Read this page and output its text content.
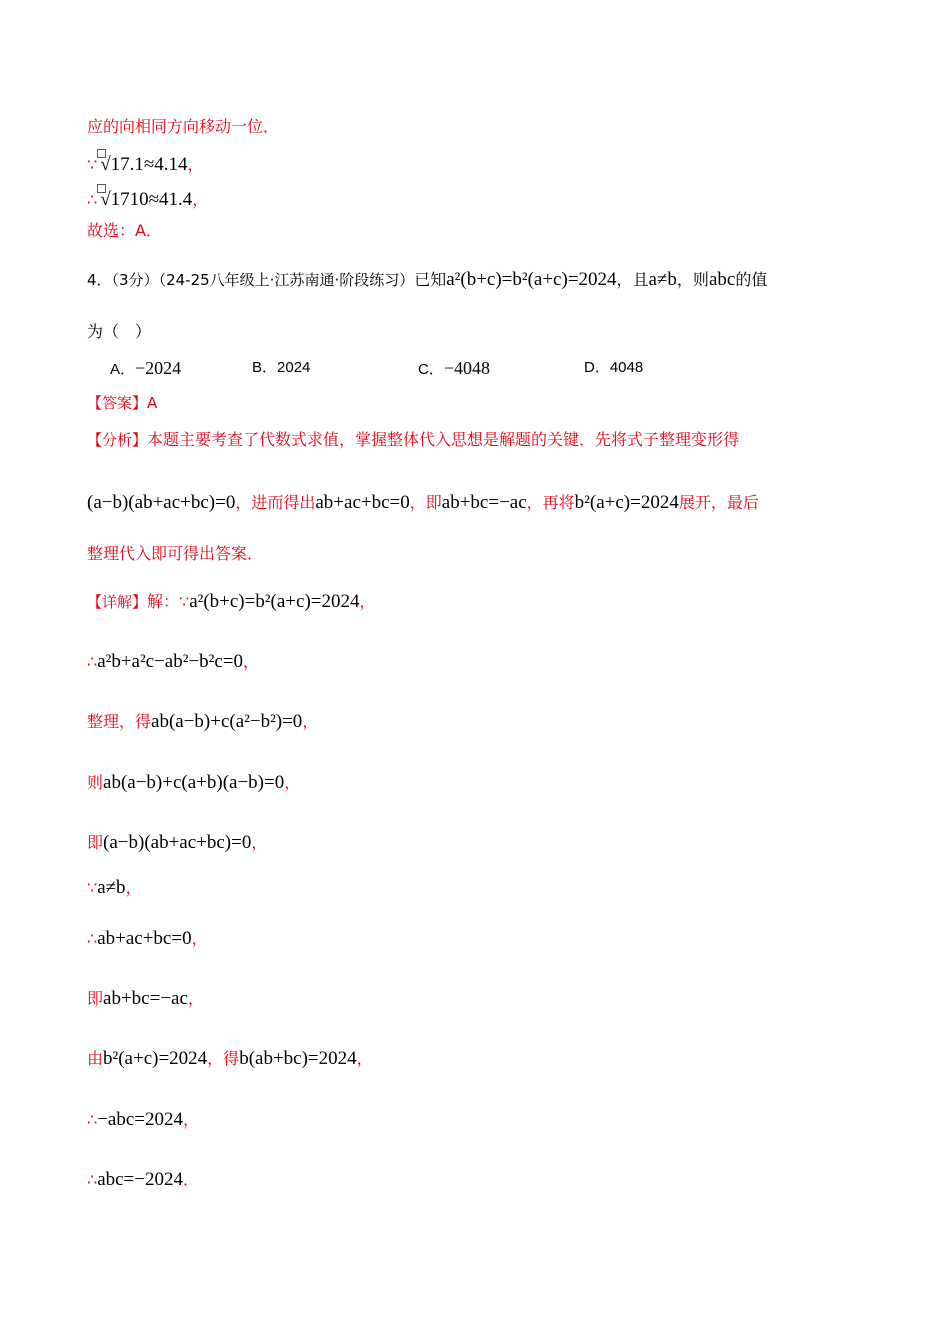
应的向相同方向移动一位．
∵ √17.1≈4.14，
∴ √1710≈41.4，
故选：A．
4．（3分）（24-25八年级上·江苏南通·阶段练习）已知a²(b+c)=b²(a+c)=2024，且a≠b，则abc的值
为（　）
A．−2024	B．2024	C．−4048	D．4048
【答案】A
【分析】本题主要考查了代数式求值，掌握整体代入思想是解题的关键．先将式子整理变形得
(a−b)(ab+ac+bc)=0，进而得出ab+ac+bc=0，即ab+bc=−ac，再将b²(a+c)=2024展开，最后
整理代入即可得出答案．
【详解】解：∵a²(b+c)=b²(a+c)=2024，
∴a²b+a²c−ab²−b²c=0，
整理，得ab(a−b)+c(a²−b²)=0，
则ab(a−b)+c(a+b)(a−b)=0，
即(a−b)(ab+ac+bc)=0，
∵a≠b，
∴ab+ac+bc=0，
即ab+bc=−ac，
由b²(a+c)=2024，得b(ab+bc)=2024，
∴−abc=2024，
∴abc=−2024．
